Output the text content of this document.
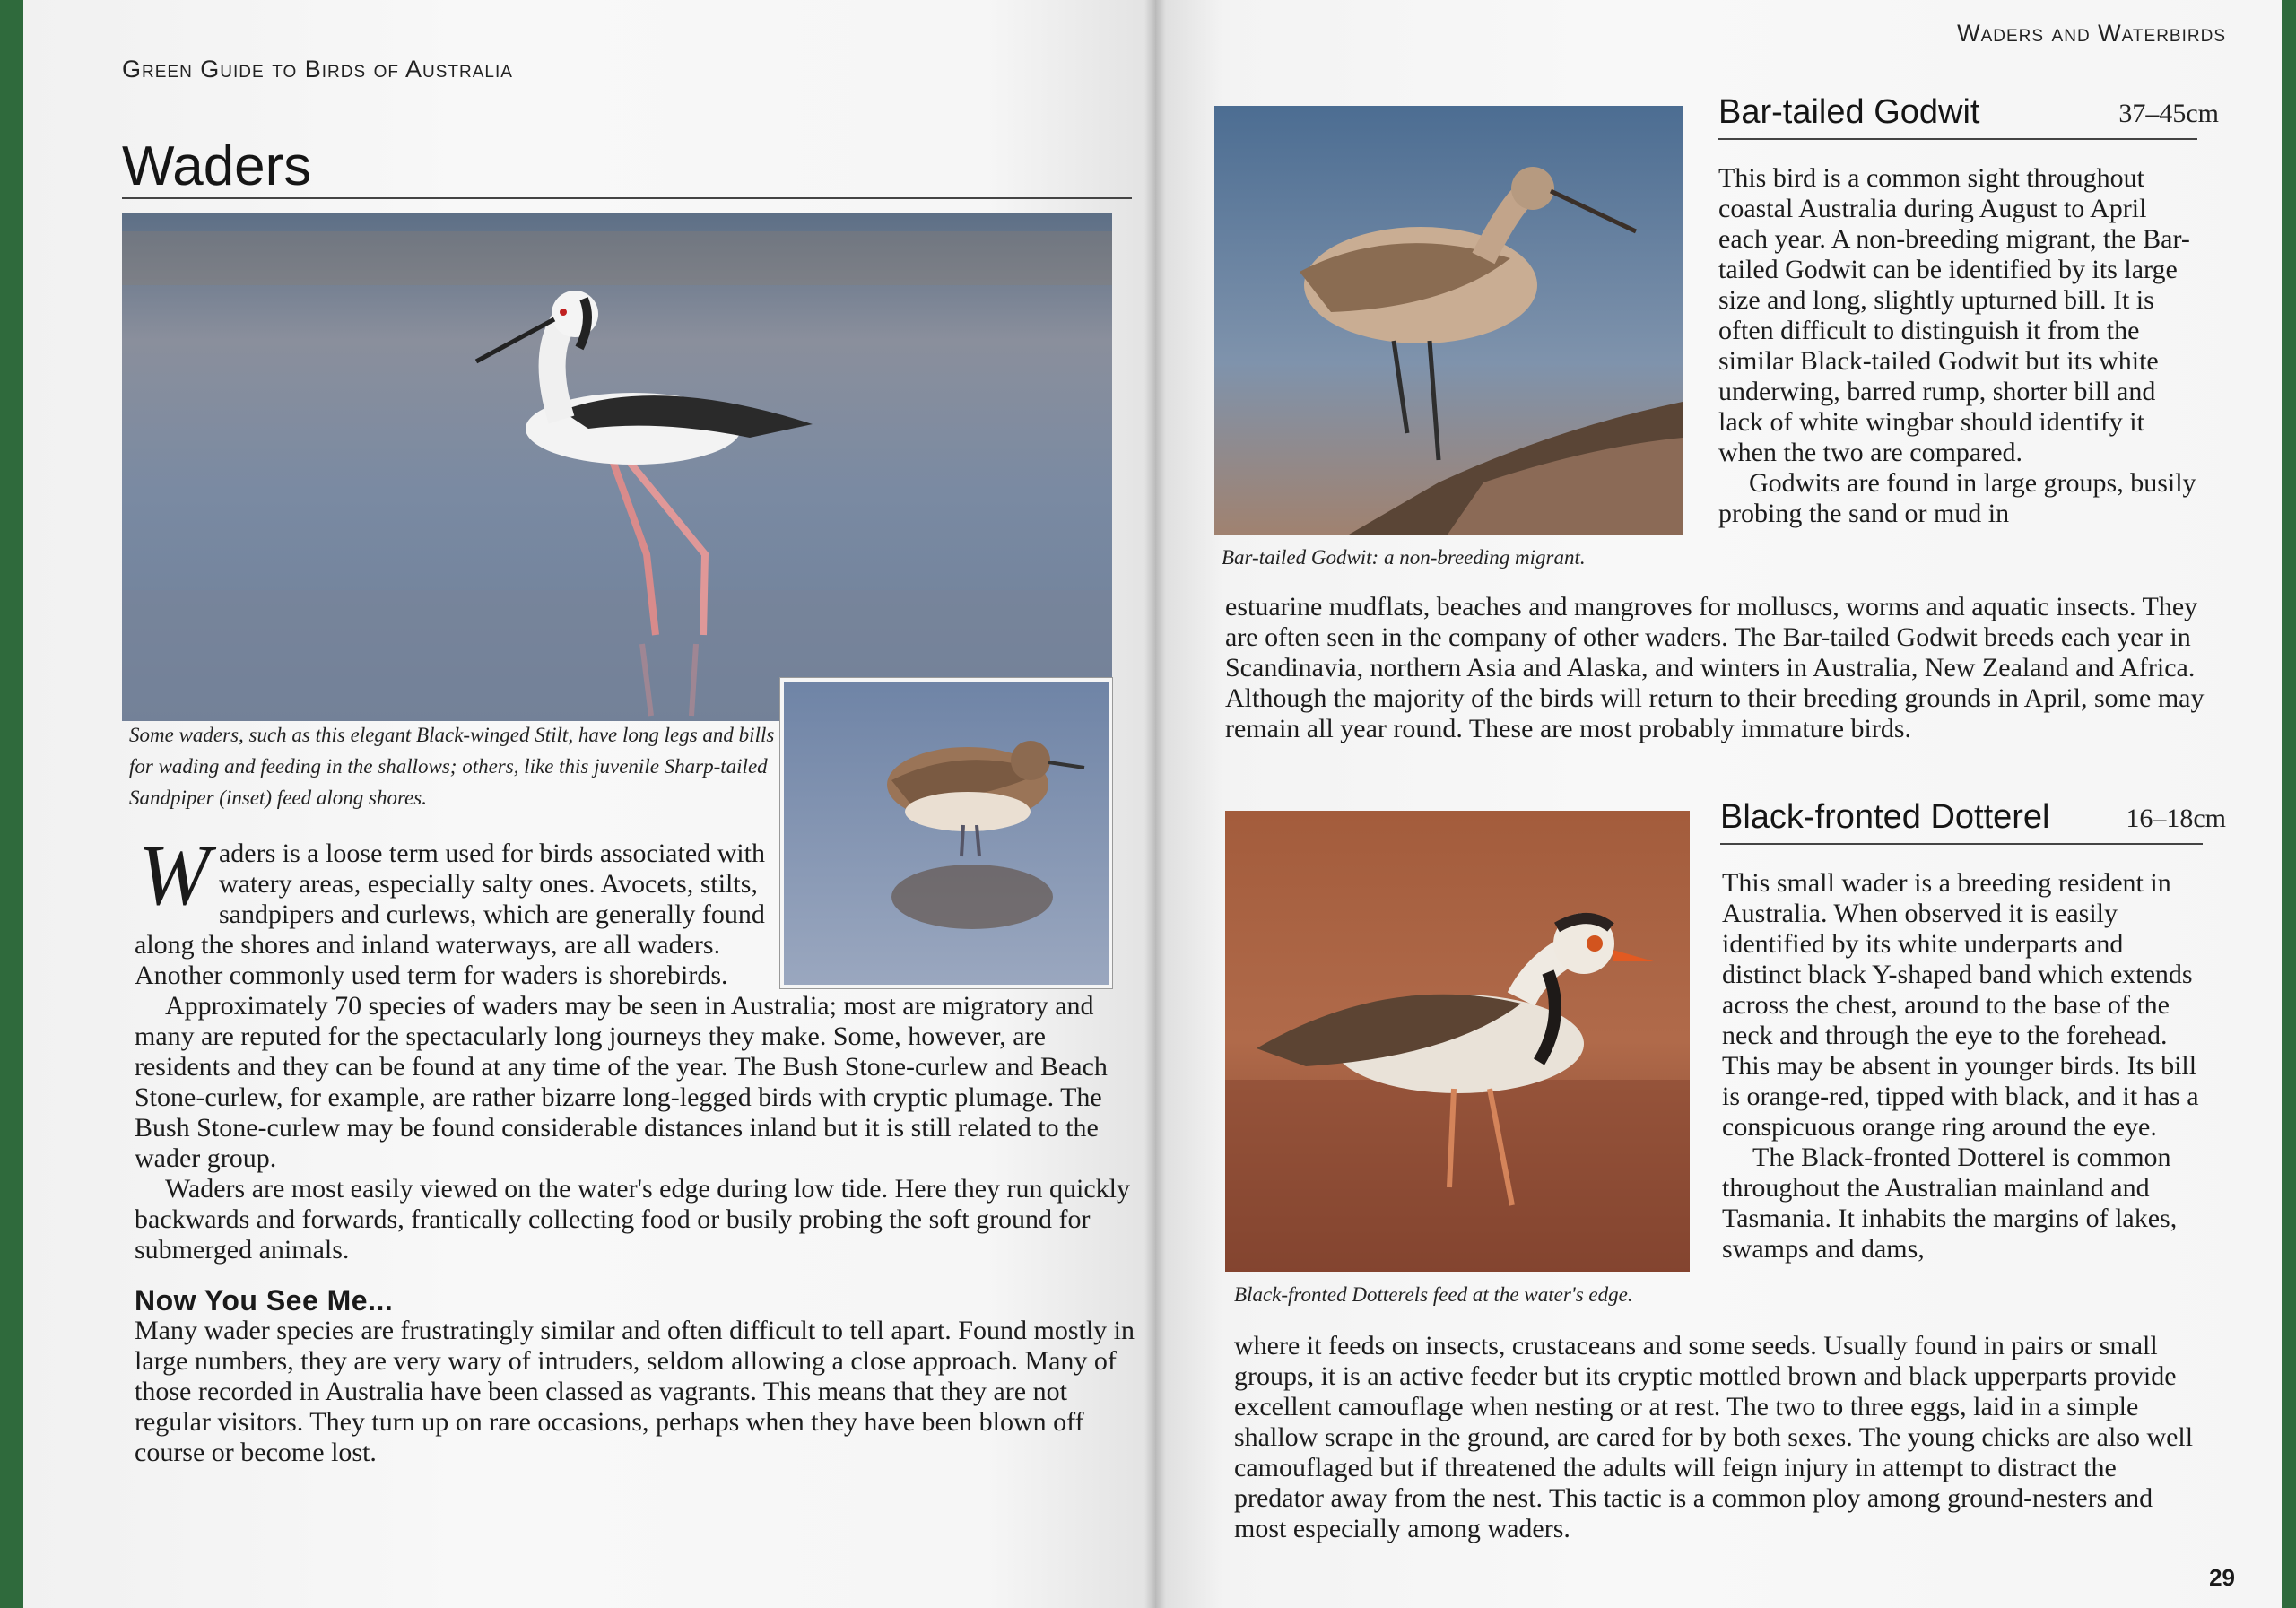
Green Guide to Birds of Australia
Waders
Some waders, such as this elegant Black-winged Stilt, have long legs and bills for wading and feeding in the shallows; others, like this juvenile Sharp-tailed Sandpiper (inset) feed along shores.
W aders is a loose term used for birds associated with watery areas, especially salty ones. Avocets, stilts, sandpipers and curlews, which are generally found along the shores and inland waterways, are all waders. Another commonly used term for waders is shorebirds.

Approximately 70 species of waders may be seen in Australia; most are migratory and many are reputed for the spectacularly long journeys they make. Some, however, are residents and they can be found at any time of the year. The Bush Stone-curlew and Beach Stone-curlew, for example, are rather bizarre long-legged birds with cryptic plumage. The Bush Stone-curlew may be found considerable distances inland but it is still related to the wader group.

Waders are most easily viewed on the water's edge during low tide. Here they run quickly backwards and forwards, frantically collecting food or busily probing the soft ground for submerged animals.

Now You See Me...

Many wader species are frustratingly similar and often difficult to tell apart. Found mostly in large numbers, they are very wary of intruders, seldom allowing a close approach. Many of those recorded in Australia have been classed as vagrants. This means that they are not regular visitors. They turn up on rare occasions, perhaps when they have been blown off course or become lost.

Waders and Waterbirds
Bar-tailed Godwit: a non-breeding migrant.
Bar-tailed Godwit	37–45cm

This bird is a common sight throughout coastal Australia during August to April each year. A non-breeding migrant, the Bar-tailed Godwit can be identified by its large size and long, slightly upturned bill. It is often difficult to distinguish it from the similar Black-tailed Godwit but its white underwing, barred rump, shorter bill and lack of white wingbar should identify it when the two are compared.

Godwits are found in large groups, busily probing the sand or mud in

estuarine mudflats, beaches and mangroves for molluscs, worms and aquatic insects. They are often seen in the company of other waders. The Bar-tailed Godwit breeds each year in Scandinavia, northern Asia and Alaska, and winters in Australia, New Zealand and Africa. Although the majority of the birds will return to their breeding grounds in April, some may remain all year round. These are most probably immature birds.

Black-fronted Dotterels feed at the water's edge.
Black-fronted Dotterel	16–18cm

This small wader is a breeding resident in Australia. When observed it is easily identified by its white underparts and distinct black Y-shaped band which extends across the chest, around to the base of the neck and through the eye to the forehead. This may be absent in younger birds. Its bill is orange-red, tipped with black, and it has a conspicuous orange ring around the eye.

The Black-fronted Dotterel is common throughout the Australian mainland and Tasmania. It inhabits the margins of lakes, swamps and dams,

where it feeds on insects, crustaceans and some seeds. Usually found in pairs or small groups, it is an active feeder but its cryptic mottled brown and black upperparts provide excellent camouflage when nesting or at rest. The two to three eggs, laid in a simple shallow scrape in the ground, are cared for by both sexes. The young chicks are also well camouflaged but if threatened the adults will feign injury in attempt to distract the predator away from the nest. This tactic is a common ploy among ground-nesters and most especially among waders.

29
